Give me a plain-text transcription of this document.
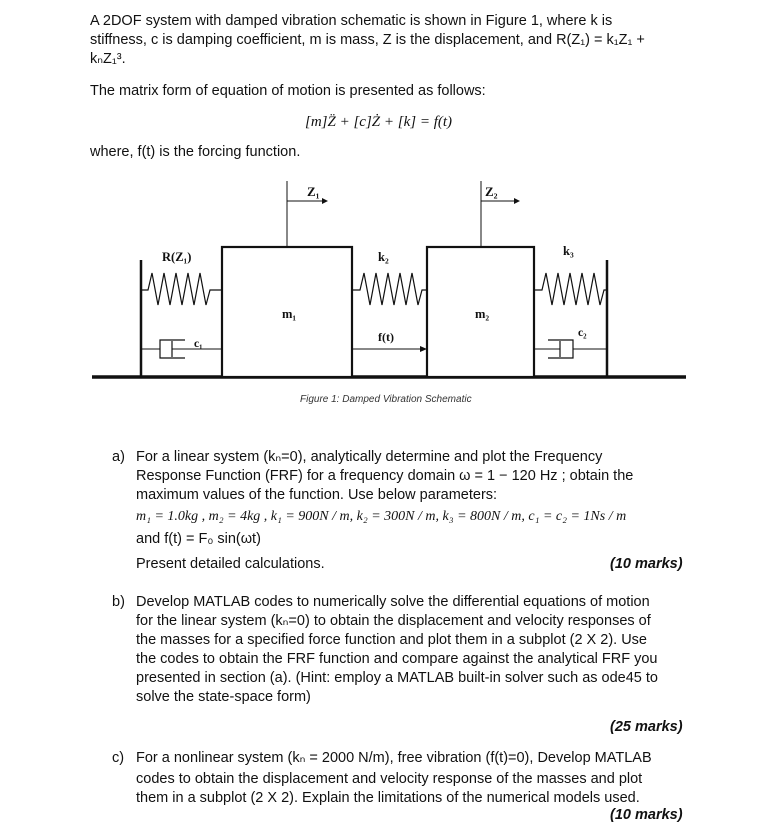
A 2DOF system with damped vibration schematic is shown in Figure 1, where k is
stiffness, c is damping coefficient, m is mass, Z is the displacement, and R(Z₁) = k₁Z₁ +
kₙZ₁³.
The matrix form of equation of motion is presented as follows:
[m]Z̈ + [c]Ż + [k] = f(t)
where, f(t) is the forcing function.
Z₁	Z₂
R(Z₁)	k₂	k₃
m₁	m₂
f(t)
c₁
c₂
Figure 1: Damped Vibration Schematic
a) For a linear system (kₙ=0), analytically determine and plot the Frequency
Response Function (FRF) for a frequency domain ω = 1 − 120 Hz ; obtain the
maximum values of the function. Use below parameters:
m₁ = 1.0kg , m₂ = 4kg , k₁ = 900N / m, k₂ = 300N / m, k₃ = 800N / m, c₁ = c₂ = 1Ns / m
and f(t) = F₀ sin(ωt)
Present detailed calculations.	(10 marks)
b) Develop MATLAB codes to numerically solve the differential equations of motion
for the linear system (kₙ=0) to obtain the displacement and velocity responses of
the masses for a specified force function and plot them in a subplot (2 X 2). Use
the codes to obtain the FRF function and compare against the analytical FRF you
presented in section (a). (Hint: employ a MATLAB built-in solver such as ode45 to
solve the state-space form)
(25 marks)
c) For a nonlinear system (kₙ = 2000 N/m), free vibration (f(t)=0), Develop MATLAB
codes to obtain the displacement and velocity response of the masses and plot
them in a subplot (2 X 2). Explain the limitations of the numerical models used.
(10 marks)
